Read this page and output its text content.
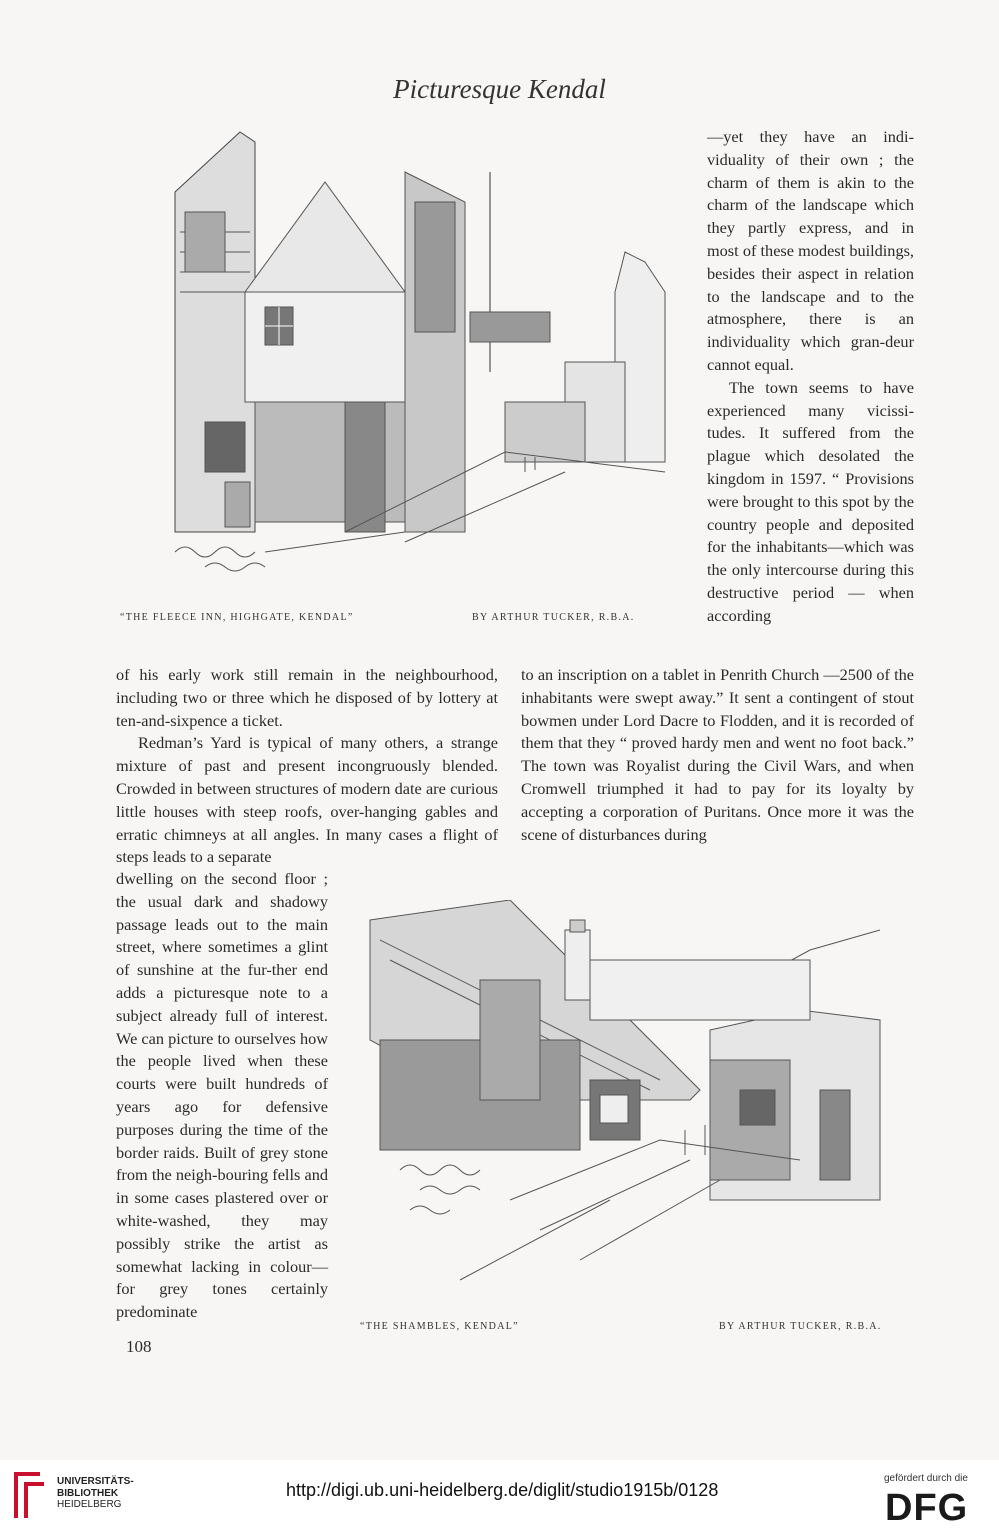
Picturesque Kendal
“THE FLEECE INN, HIGHGATE, KENDAL”	BY ARTHUR TUCKER, R.B.A.

—yet they have an indi-viduality of their own ; the charm of them is akin to the charm of the landscape which they partly express, and in most of these modest buildings, besides their aspect in relation to the landscape and to the atmosphere, there is an individuality which gran-deur cannot equal.

The town seems to have experienced many vicissi-tudes. It suffered from the plague which desolated the kingdom in 1597. “ Provisions were brought to this spot by the country people and deposited for the inhabitants—which was the only intercourse during this destructive period — when according

of his early work still remain in the neighbourhood, including two or three which he disposed of by lottery at ten-and-sixpence a ticket.

Redman’s Yard is typical of many others, a strange mixture of past and present incongruously blended. Crowded in between structures of modern date are curious little houses with steep roofs, over-hanging gables and erratic chimneys at all angles. In many cases a flight of steps leads to a separate

to an inscription on a tablet in Penrith Church —2500 of the inhabitants were swept away.” It sent a contingent of stout bowmen under Lord Dacre to Flodden, and it is recorded of them that they “ proved hardy men and went no foot back.” The town was Royalist during the Civil Wars, and when Cromwell triumphed it had to pay for its loyalty by accepting a corporation of Puritans. Once more it was the scene of disturbances during

dwelling on the second floor ; the usual dark and shadowy passage leads out to the main street, where sometimes a glint of sunshine at the fur-ther end adds a picturesque note to a subject already full of interest. We can picture to ourselves how the people lived when these courts were built hundreds of years ago for defensive purposes during the time of the border raids. Built of grey stone from the neigh-bouring fells and in some cases plastered over or white-washed, they may possibly strike the artist as somewhat lacking in colour—for grey tones certainly predominate

“THE SHAMBLES, KENDAL”	BY ARTHUR TUCKER, R.B.A.
108
UNIVERSITÄTS-
BIBLIOTHEK
HEIDELBERG
http://digi.ub.uni-heidelberg.de/diglit/studio1915b/0128
gefördert durch die
DFG
